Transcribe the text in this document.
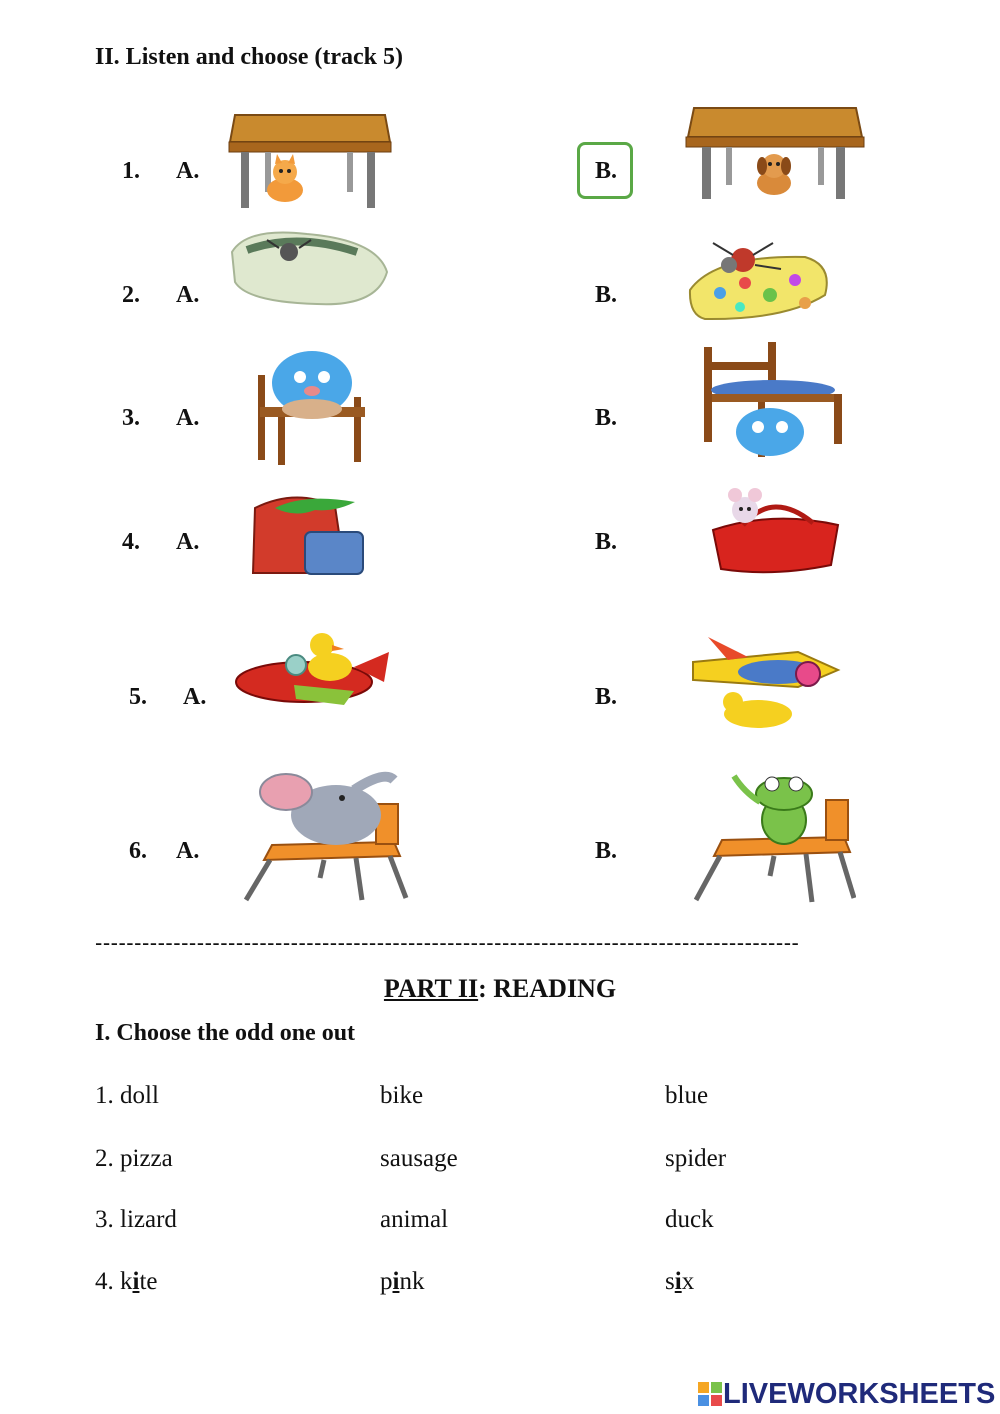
II. Listen and choose (track 5)
1. A.	B.
2. A.	B.
3. A.	B.
4. A.	B.
5. A.	B.
6. A.	B.
------------------------------------------------------------------------------------------
PART II: READING
I. Choose the odd one out
1. doll	bike	blue
2. pizza	sausage	spider
3. lizard	animal	duck
4. kite	pink	six
LIVEWORKSHEETS
